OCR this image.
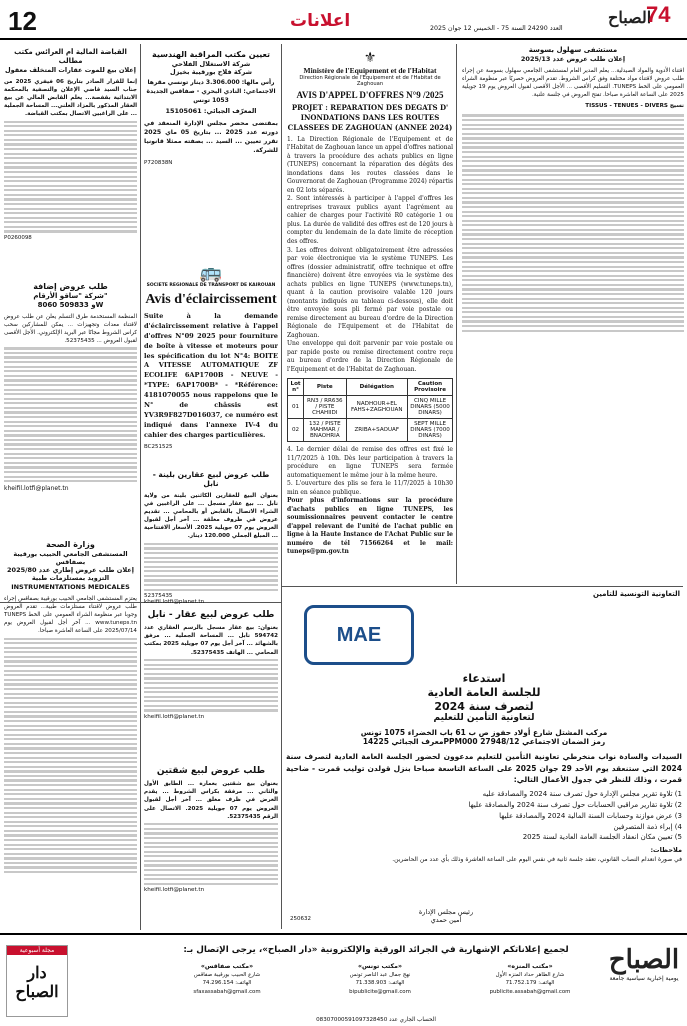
12	اعلانات	العدد 24290 السنة 75 - الخميس 12 جوان 2025
الصباح
74
مستشفى سهلول بسوسة
إعلان طلب عروض عدد 2025/13
اقتناء الأدوية والمواد الصيدلية... يعلم المدير العام لمستشفى الجامعي سهلول بسوسة عن إجراء طلب عروض لاقتناء مواد مختلفة وفق كراس الشروط. تقدم العروض حصريًا عبر منظومة الشراء العمومي على الخط TUNEPS. التسليم الأقصى ... الأجل الأقصى لقبول العروض يوم 19 جويلية 2025 على الساعة العاشرة صباحا. تفتح العروض في جلسة علنية.
نسيج TISSUS - TENUES - DIVERS
⚜
Ministère de l'Equipement et de l'Habitat
Direction Régionale de l'Equipement et de l'Habitat de Zaghouan
AVIS D'APPEL D'OFFRES N°9 /2025
PROJET : REPARATION DES DEGATS D' INONDATIONS DANS LES ROUTES CLASSEES DE ZAGHOUAN (ANNEE 2024)
1. La Direction Régionale de l'Equipement et de l'Habitat de Zaghouan lance un appel d'offres national à travers la procédure des achats publics en ligne (TUNEPS) concernant la réparation des dégâts des inondations dans les routes classées dans le Gouvernorat de Zaghouan (Programme 2024) répartis en 02 lots séparés.
2. Sont intéressés à participer à l'appel d'offres les entreprises travaux publics ayant l'agrément au cahier de charges pour l'activité R0 catégorie 1 ou plus. La durée de validité des offres est de 120 jours à compter du lendemain de la date limite de réception des offres.
3. Les offres doivent obligatoirement être adressées par voie électronique via le système TUNEPS. Les offres (dossier administratif, offre technique et offre financière) doivent être envoyées via le système des achats publics en ligne TUNEPS (www.tuneps.tn), quant à la caution provisoire valable 120 jours (montants indiqués au tableau ci-dessous), elle doit être envoyée sous pli fermé par voie postale ou remise directement au bureau d'ordre de la Direction Régionale de l'Equipement et de l'Habitat de Zaghouan.
Une enveloppe qui doit parvenir par voie postale ou par rapide poste ou remise directement contre reçu au bureau d'ordre de la Direction Régionale de l'Equipement et de l'Habitat de Zaghouan.
Lot n°	Piste	Délégation	Caution Provisoire
01	RN3 / RR636 / PISTE CHAHIIDI	NADHOUR+EL FAHS+ZAGHOUAN	CINQ MILLE DINARS (5000 DINARS)
02	132 / PISTE MAHMAR / BNAOHRIA	ZRIBA+SAOUAF	SEPT MILLE DINARS (7000 DINARS)
4. Le dernier délai de remise des offres est fixé le 11/7/2025 à 10h. Dès leur participation à travers la procédure en ligne TUNEPS sera fermée automatiquement le même jour à la même heure.
5. L'ouverture des plis se fera le 11/7/2025 à 10h30 min en séance publique.
Pour plus d'informations sur la procédure d'achats publics en ligne TUNEPS, les soumissionnaires peuvent contacter le centre d'appel relevant de l'unité de l'achat public en ligne à la Haute Instance de l'Achat Public sur le numéro de tél 71566264 et le mail: tuneps@pm.gov.tn
تعيين مكتب المراقبة الهندسية
شركة الاستغلال الفلاحي
شركة فلاح بورقيبة بخيزل
رأس مالها: 3.306.000 دينار تونسي مقرها الاجتماعي: النادي البحري - صفاقس الجديدة 1053 تونس
المعرّف الجبائي: 15105061
بمقتضى محضر مجلس الإدارة المنعقد في دورته عدد 2025 ... بتاريخ 05 ماي 2025 تقرر تعيين ... السيد ... بصفته ممثلا قانونيا للشركة.
P720838N
🚌
SOCIETE REGIONALE DE TRANSPORT DE KAIROUAN
Avis d'éclaircissement
Suite à la demande d'éclaircissement relative à l'appel d'offres N°09 2025 pour fourniture de boîte à vitesse et moteurs pour les spécification du lot N°4: BOITE A VITESSE AUTOMATIQUE ZF ECOLIFE 6AP1700B - NEUVE - *TYPE: 6AP1700B* - *Référence: 4181070055 nous rappelons que le N° de châssis est YV3R9F827D016037, ce numéro est indiqué dans l'annexe IV-4 du cahier des charges particulières.
BC251525
القباضة المالية أم العرائس مكتب مطالب
إعلان بيع للموت عقارات المتخلف معقول
إنما للقرار الصادر بتاريخ 06 فيفري 2025 من جناب السيد قاضي الإعلان والتصفية بالمحكمة الابتدائية بقفصة... يعلم القابض المالي عن بيع العقار المذكور بالمزاد العلني... المساحة الجملية ... على الراغبين الاتصال بمكتب القباضة.
P0260098
طلب عروض إضافة
شركة "ساقو الأرقام"
8060 و 509833W
المنظمة المستخدمة طرق التسلم يعلن عن طلب عروض لاقتناء معدات وتجهيزات ... يمكن للمشاركين سحب كراس الشروط مجانًا عبر البريد الإلكتروني. الأجل الأقصى لقبول العروض ... 52375435.
kheifil.lotfi@planet.tn
وزارة الصحة
المستشفى الجامعي الحبيب بورقيبة بصفاقس
إعلان طلب عروض إطاري عدد 2025/80
التزويد بمستلزمات طبية
INSTRUMENTATIONS MEDICALES
يعتزم المستشفى الجامعي الحبيب بورقيبة بصفاقس إجراء طلب عروض لاقتناء مستلزمات طبية... تقدم العروض وجوبا عبر منظومة الشراء العمومي على الخط TUNEPS www.tuneps.tn ... آخر أجل لقبول العروض يوم 2025/07/14 على الساعة العاشرة صباحا.
طلب عروض لبيع عقارين بلينة - نابل
بعنوان البيع للعقارين الكائنين بلينة من ولاية نابل ... بيع عقار مسجل ... على الراغبين في الشراء الاتصال بالقابض أو بالمحامي ... تقديم عروض في ظروف مغلقة ... آخر أجل لقبول العروض يوم 07 جويلية 2025. الأسعار الافتتاحية ... المبلغ الجملي 120.000 دينار.
52375435
kheifil.lotfi@planet.tn
طلب عروض لبيع عقار - نابل
بعنوان: بيع عقار مسجل بالرسم العقاري عدد 594742 نابل ... المساحة الجملية ... مرفق بالشهائد ... آخر أجل يوم 07 جويلية 2025 بمكتب المحامي ... الهاتف 52375435.
kheifil.lotfi@planet.tn
طلب عروض لبيع شقتين
بعنوان بيع شقتين بعمارة ... الطابق الأول والثاني ... مرفقة بكراس الشروط ... يقدم العرض في ظرف مغلق ... آخر أجل لقبول العروض يوم 07 جويلية 2025. الاتصال على الرقم 52375435.
kheifil.lotfi@planet.tn
التعاونية التونسية للتأمين
MAE
استدعاء
للجلسة العامة العادية
لتصرف سنة 2024
لتعاونية التأمين للتعليم
مركب المشتل شارع أولاد حفوز ص ب 61 باب الخضراء 1075 تونس
معرف الجبائي 14225PPM000 رمز الضمان الاجتماعي 27948/12
السيدات والسادة نواب منخرطي تعاونية التأمين للتعليم مدعوون لحضور الجلسة العامة العادية لتصرف سنة 2024 التي ستنعقد يوم الأحد 29 جوان 2025 على الساعة التاسعة صباحا بنزل قولدن توليب قمرت - ضاحية قمرت ، وذلك للنظر في جدول الأعمال التالي:
1) تلاوة تقرير مجلس الإدارة حول تصرف سنة 2024 والمصادقة عليه
2) تلاوة تقارير مراقبي الحسابات حول تصرف سنة 2024 والمصادقة عليها
3) عرض موازنة وحسابات السنة المالية 2024 والمصادقة عليها
4) إبراء ذمة المتصرفين
5) تعيين مكان انعقاد الجلسة العامة العادية لسنة 2025
ملاحظات:
في صورة انعدام النصاب القانوني، تعقد جلسة ثانية في نفس اليوم على الساعة العاشرة وذلك بأي عدد من الحاضرين.
رئيس مجلس الإدارة
أمين حمدي
250632
مجلة أسبوعية
دار الصباح
لجميع إعلاناتكم الإشهارية في الجرائد الورقية والإلكترونية «دار الصباح»، يرجى الإتصال بـ:
«مكتب المنزه»
شارع الطاهر حداد المنزه الأول
الهاتف: 71.752.179
publicite.assabah@gmail.com
«مكتب تونس»
نهج جمال عبد الناصر تونس
الهاتف: 71.338.903
bipublicite@gmail.com
«مكتب صفاقس»
شارع الحبيب بورقيبة صفاقس
الهاتف: 74.296.154
sfaxassabah@gmail.com
الحساب الجاري عدد 08307000591097328450
الصباح
يومية إخبارية سياسية جامعة
